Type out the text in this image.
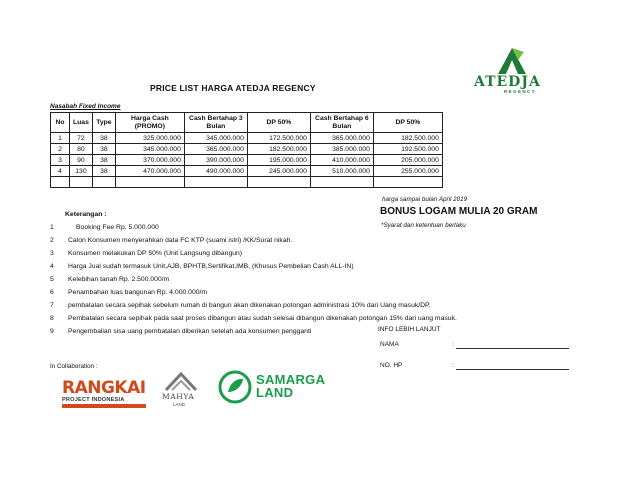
ATEDJA
REGENCY
PRICE LIST HARGA ATEDJA REGENCY
Nasabah Fixed Income
No	Luas	Type	Harga Cash (PROMO)	Cash Bertahap 3 Bulan	DP 50%	Cash Bertahap 6 Bulan	DP 50%
1	72	38	325.000.000	345.000.000	172.500.000	365.000.000	182.500.000
2	80	38	345.000.000	365.000.000	182.500.000	385.000.000	192.500.000
3	90	38	370.000.000	390.000.000	195.000.000	410.000.000	205.000.000
4	130	38	470.000.000	490.000.000	245.000.000	510.000.000	255.000.000

harga sampai bulan April 2019
BONUS LOGAM MULIA 20 GRAM
*Syarat dan ketentuan berlaku
Keterangan :
1	Booking Fee Rp. 5.000.000
2 Calon Konsumen menyerahkan data FC KTP (suami istri) /KK/Surat nikah.
3 Konsumen melakukan DP 50% (Unit Langsung dibangun)
4 Harga Jual sudah termasuk Unit,AJB, BPHTB,Sertifikat,IMB, (Khusus Pembelian Cash ALL-IN)
5 Kelebihan tanah Rp. 2.500.000/m
6 Penambahan luas bangunan Rp. 4.000.000/m
7 pembatalan secara sepihak sebelum rumah di bangun akan dikenakan potongan administrasi 10% dari Uang masuk/DP.
8 Pembatalan secara sepihak pada saat proses dibangun atau sudah selesai dibangun dikenakan potongan 15% dari uang masuk.
9 Pengembalian sisa uang pembatalan diberikan setelah ada konsumen pengganti	INFO LEBIH LANJUT
NAMA	:
NO. HP	:
In Collaboration :
RANGKAI
PROJECT INDONESIA	MAHYA
LAND
SAMARGA
LAND
